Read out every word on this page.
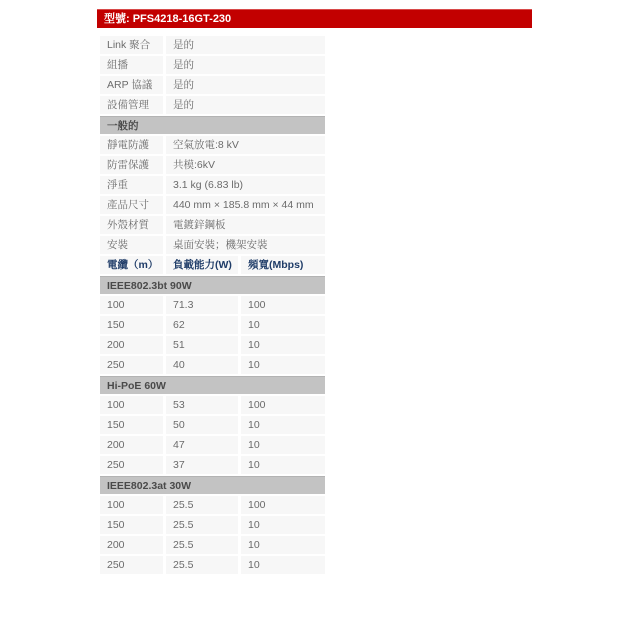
型號: PFS4218-16GT-230
Link 聚合	是的
組播	是的
ARP 協議	是的
設備管理	是的
一般的
靜電防護	空氣放電:8 kV
防雷保護	共模:6kV
淨重	3.1 kg (6.83 lb)
產品尺寸	440 mm × 185.8 mm × 44 mm
外殼材質	電鍍鋅鋼板
安裝	桌面安裝；機架安裝
電纜（m）	負載能力(W)	頻寬(Mbps)
IEEE802.3bt 90W
100	71.3	100
150	62	10
200	51	10
250	40	10
Hi-PoE 60W
100	53	100
150	50	10
200	47	10
250	37	10
IEEE802.3at 30W
100	25.5	100
150	25.5	10
200	25.5	10
250	25.5	10
